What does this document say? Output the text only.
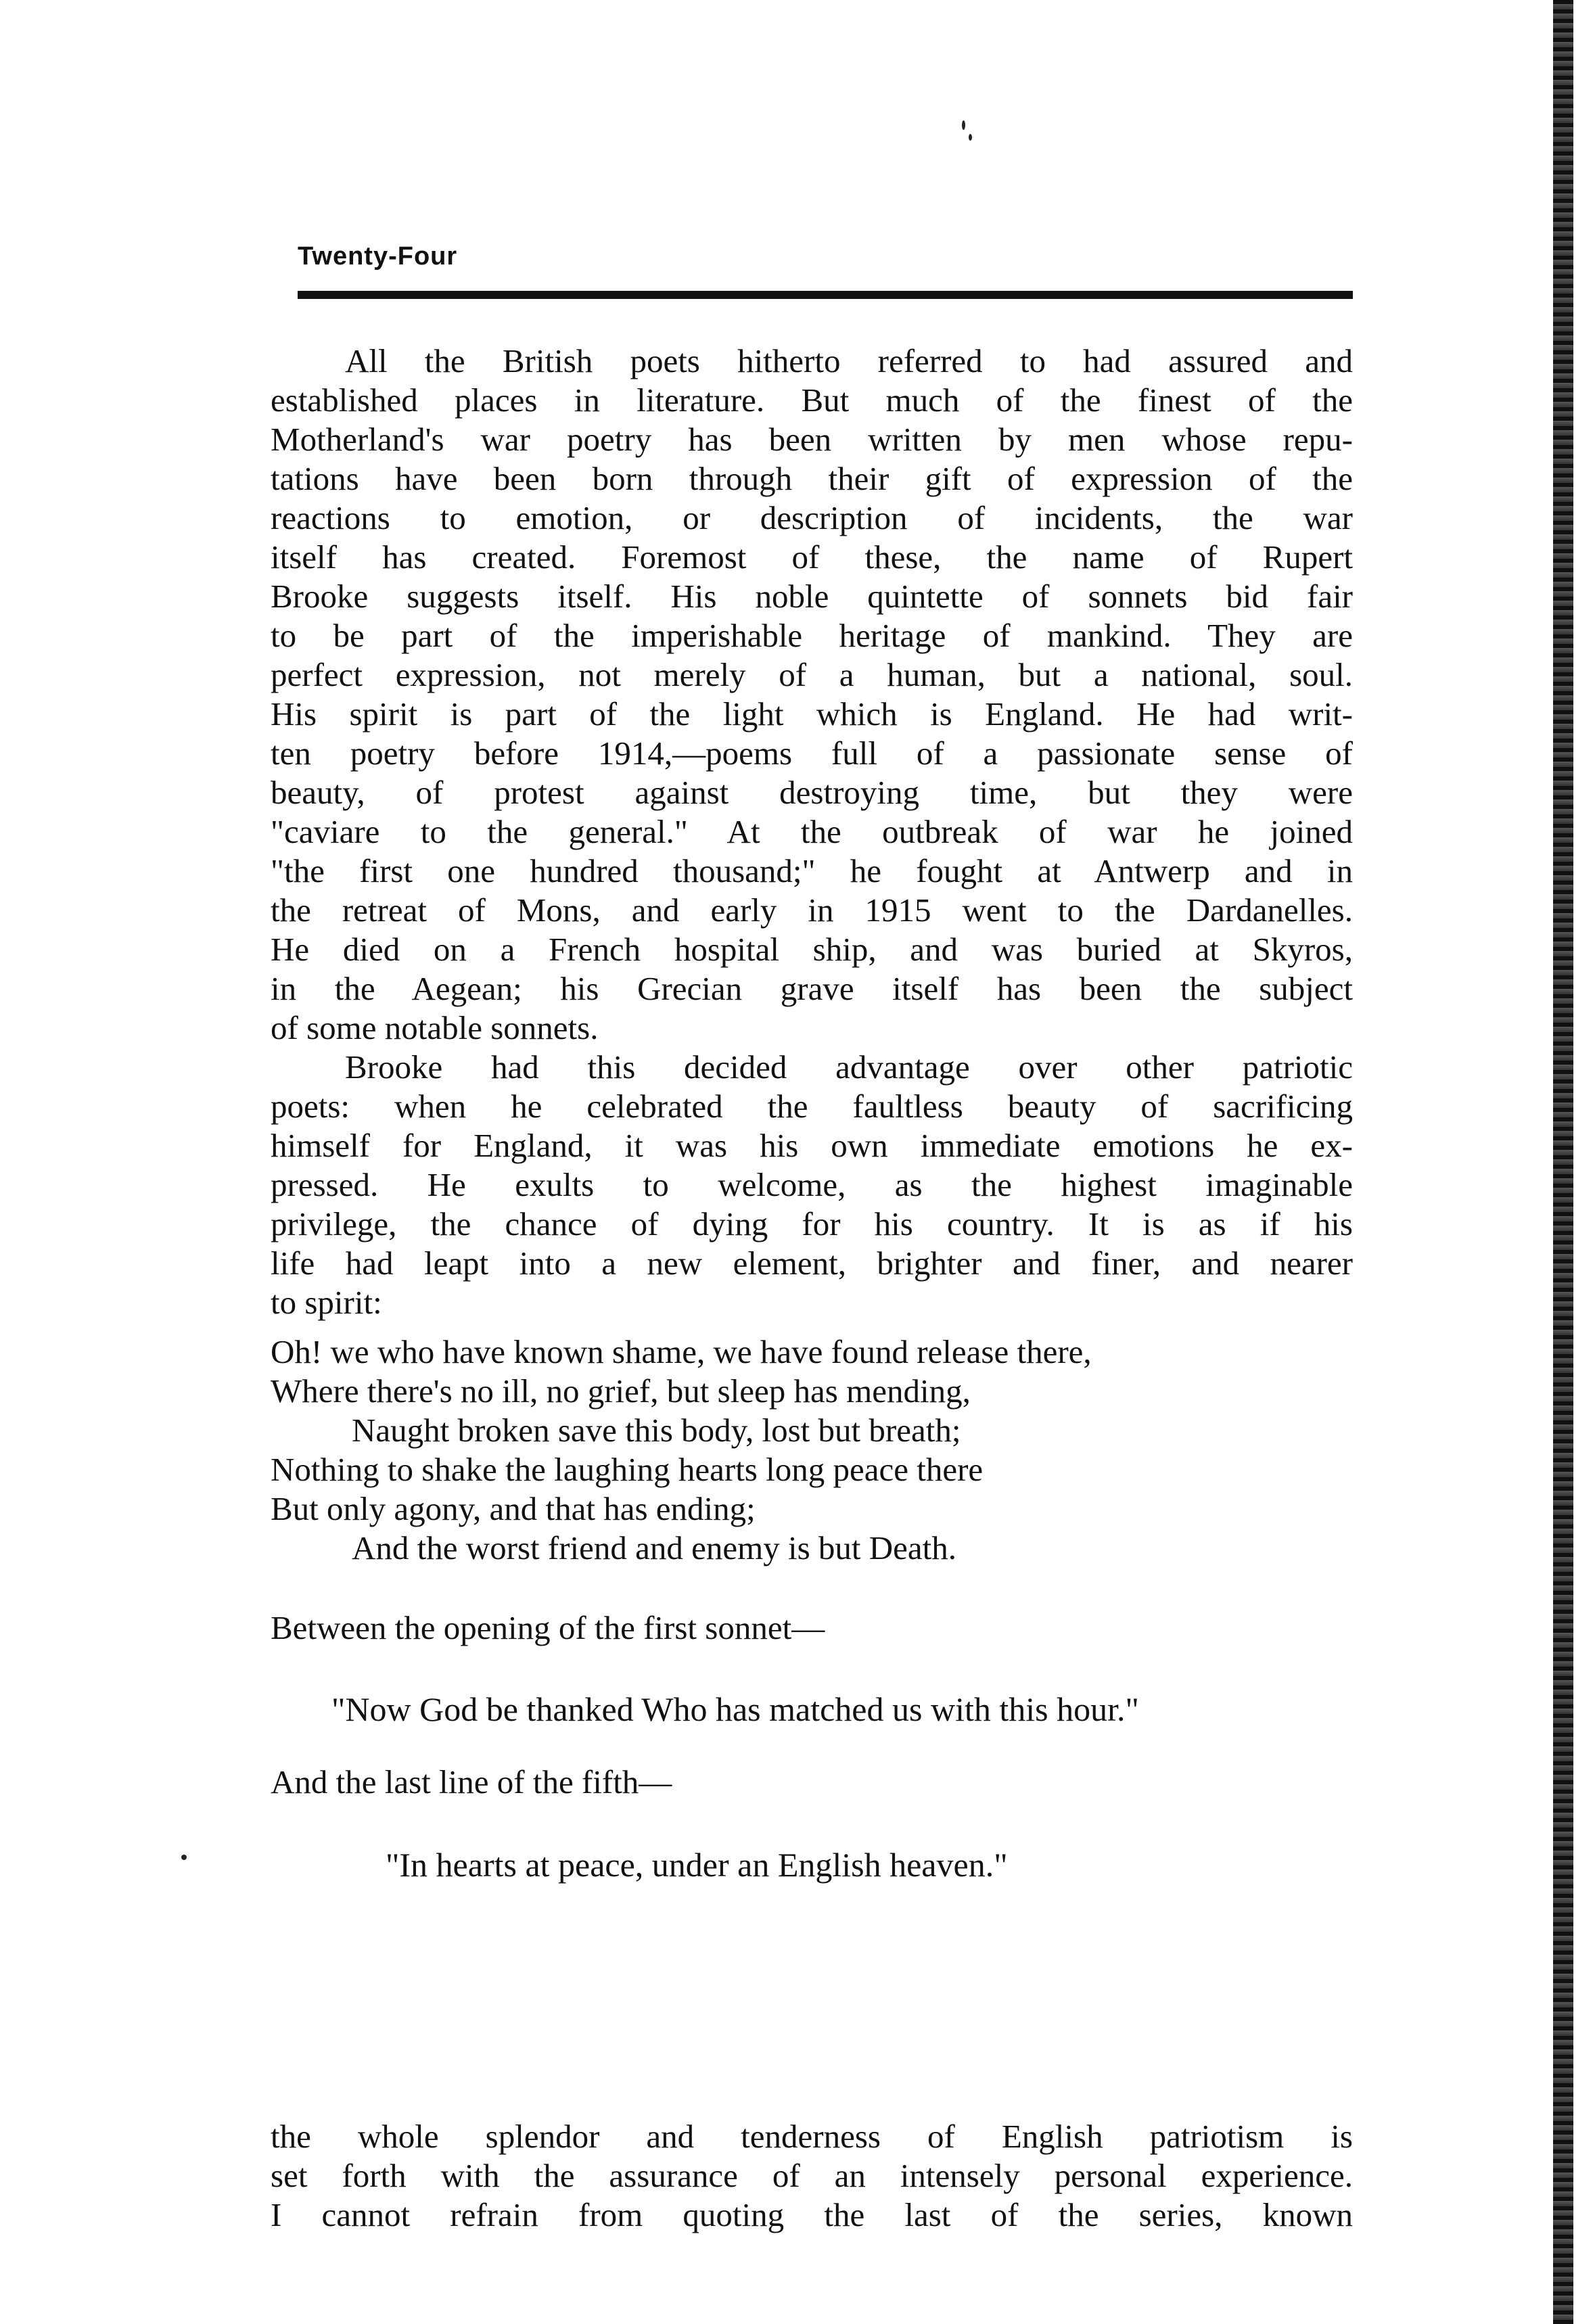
Twenty-Four
All the British poets hitherto referred to had assured and
established places in literature. But much of the finest of the
Motherland's war poetry has been written by men whose repu-
tations have been born through their gift of expression of the
reactions to emotion, or description of incidents, the war
itself has created. Foremost of these, the name of Rupert
Brooke suggests itself. His noble quintette of sonnets bid fair
to be part of the imperishable heritage of mankind. They are
perfect expression, not merely of a human, but a national, soul.
His spirit is part of the light which is England. He had writ-
ten poetry before 1914,—poems full of a passionate sense of
beauty, of protest against destroying time, but they were
"caviare to the general." At the outbreak of war he joined
"the first one hundred thousand;" he fought at Antwerp and in
the retreat of Mons, and early in 1915 went to the Dardanelles.
He died on a French hospital ship, and was buried at Skyros,
in the Aegean; his Grecian grave itself has been the subject
of some notable sonnets.
Brooke had this decided advantage over other patriotic
poets: when he celebrated the faultless beauty of sacrificing
himself for England, it was his own immediate emotions he ex-
pressed. He exults to welcome, as the highest imaginable
privilege, the chance of dying for his country. It is as if his
life had leapt into a new element, brighter and finer, and nearer
to spirit:
Oh! we who have known shame, we have found release there,
Where there's no ill, no grief, but sleep has mending,
Naught broken save this body, lost but breath;
Nothing to shake the laughing hearts long peace there
But only agony, and that has ending;
And the worst friend and enemy is but Death.
Between the opening of the first sonnet—
"Now God be thanked Who has matched us with this hour."
And the last line of the fifth—
"In hearts at peace, under an English heaven."
the whole splendor and tenderness of English patriotism is
set forth with the assurance of an intensely personal experience.
I cannot refrain from quoting the last of the series, known
